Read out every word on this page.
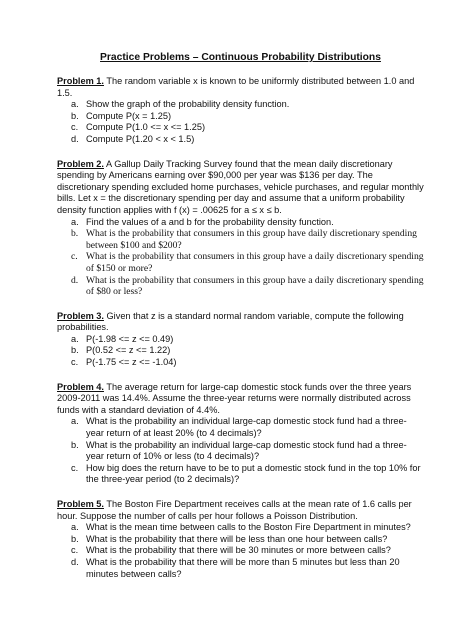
Practice Problems – Continuous Probability Distributions

Problem 1. The random variable x is known to be uniformly distributed between 1.0 and 1.5.

a. Show the graph of the probability density function.
b. Compute P(x = 1.25)
c. Compute P(1.0 <= x <= 1.25)
d. Compute P(1.20 < x < 1.5)

Problem 2. A Gallup Daily Tracking Survey found that the mean daily discretionary spending by Americans earning over $90,000 per year was $136 per day. The discretionary spending excluded home purchases, vehicle purchases, and regular monthly bills. Let x = the discretionary spending per day and assume that a uniform probability density function applies with f (x) = .00625 for a ≤ x ≤ b.

a. Find the values of a and b for the probability density function.
b. What is the probability that consumers in this group have daily discretionary spending between $100 and $200?
c. What is the probability that consumers in this group have a daily discretionary spending of $150 or more?
d. What is the probability that consumers in this group have a daily discretionary spending of $80 or less?

Problem 3. Given that z is a standard normal random variable, compute the following probabilities.

a. P(-1.98 <= z <= 0.49)
b. P(0.52 <= z <= 1.22)
c. P(-1.75 <= z <= -1.04)

Problem 4. The average return for large-cap domestic stock funds over the three years 2009-2011 was 14.4%. Assume the three-year returns were normally distributed across funds with a standard deviation of 4.4%.

a. What is the probability an individual large-cap domestic stock fund had a three-year return of at least 20% (to 4 decimals)?
b. What is the probability an individual large-cap domestic stock fund had a three-year return of 10% or less (to 4 decimals)?
c. How big does the return have to be to put a domestic stock fund in the top 10% for the three-year period (to 2 decimals)?

Problem 5. The Boston Fire Department receives calls at the mean rate of 1.6 calls per hour. Suppose the number of calls per hour follows a Poisson Distribution.

a. What is the mean time between calls to the Boston Fire Department in minutes?
b. What is the probability that there will be less than one hour between calls?
c. What is the probability that there will be 30 minutes or more between calls?
d. What is the probability that there will be more than 5 minutes but less than 20 minutes between calls?
